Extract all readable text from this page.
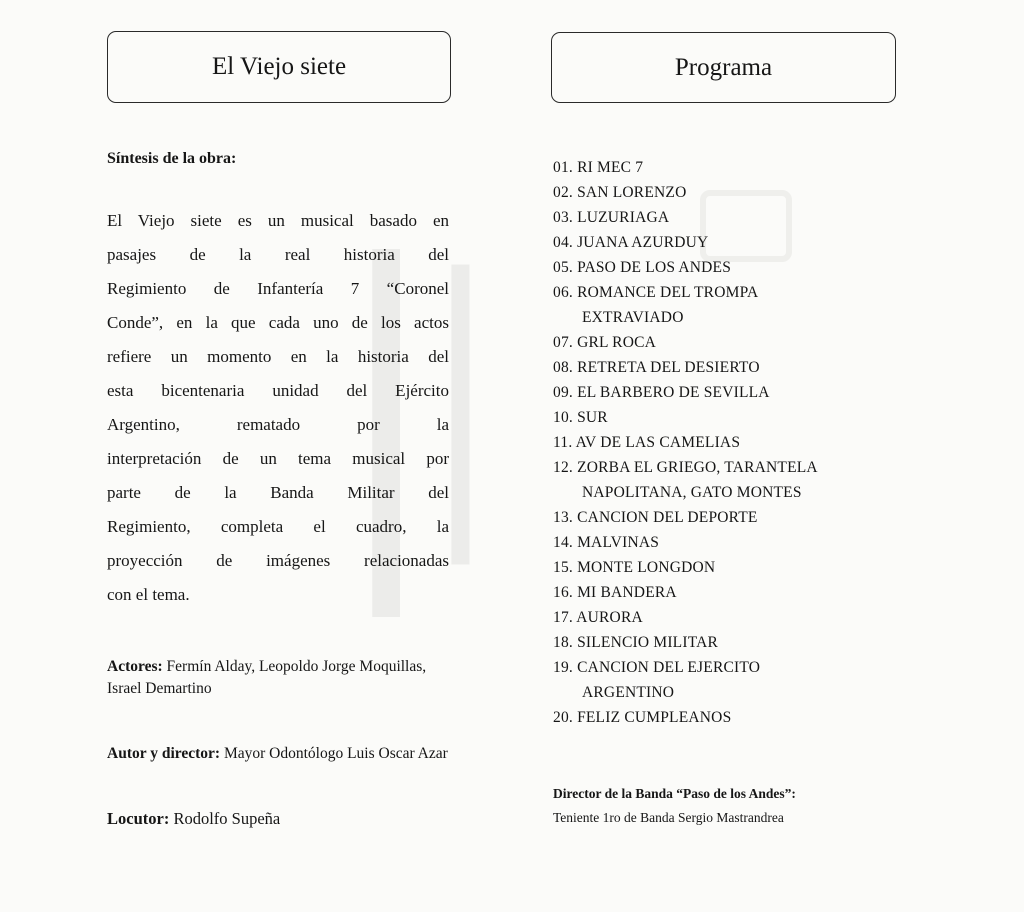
▬▬▬▬
▬▬▬▬▬
El Viejo siete	Programa
Síntesis de la obra:
El Viejo siete es un musical basado en
pasajes de la real historia del
Regimiento de Infantería 7 “Coronel
Conde”, en la que cada uno de los actos
refiere un momento en la historia del
esta bicentenaria unidad del Ejército
Argentino, rematado por la
interpretación de un tema musical por
parte de la Banda Militar del
Regimiento, completa el cuadro, la
proyección de imágenes relacionadas
con el tema.
Actores: Fermín Alday, Leopoldo Jorge Moquillas, Israel Demartino
Autor y director: Mayor Odontólogo Luis Oscar Azar
Locutor: Rodolfo Supeña
01. RI MEC 7
02. SAN LORENZO
03. LUZURIAGA
04. JUANA AZURDUY
05. PASO DE LOS ANDES
06. ROMANCE DEL TROMPA
EXTRAVIADO
07. GRL ROCA
08. RETRETA DEL DESIERTO
09. EL BARBERO DE SEVILLA
10. SUR
11. AV DE LAS CAMELIAS
12. ZORBA EL GRIEGO, TARANTELA
NAPOLITANA, GATO MONTES
13. CANCION DEL DEPORTE
14. MALVINAS
15. MONTE LONGDON
16. MI BANDERA
17. AURORA
18. SILENCIO MILITAR
19. CANCION DEL EJERCITO
ARGENTINO
20. FELIZ CUMPLEANOS
Director de la Banda “Paso de los Andes”:
Teniente 1ro de Banda Sergio Mastrandrea
